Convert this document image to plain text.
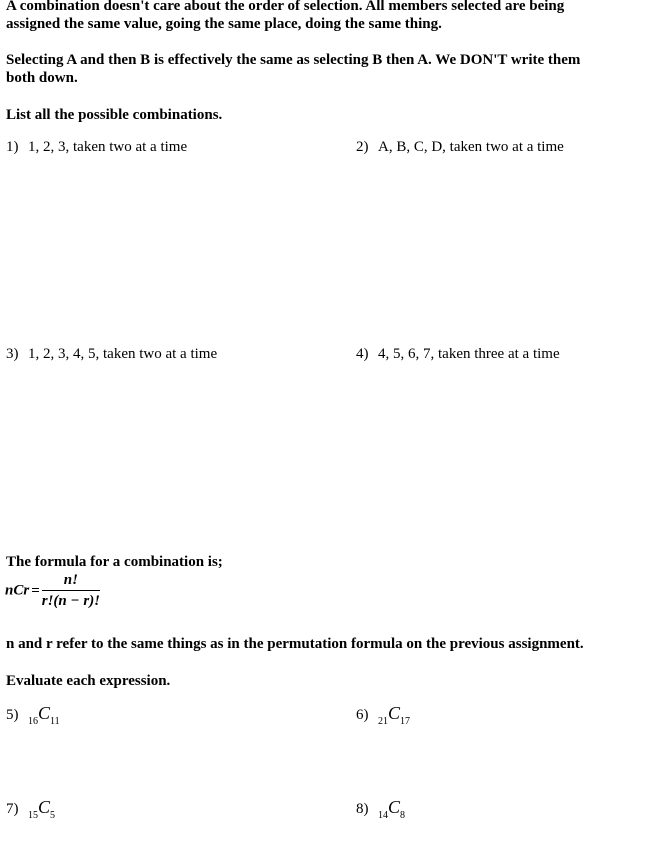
A combination doesn't care about the order of selection. All members selected are being
assigned the same value, going the same place, doing the same thing.
Selecting A and then B is effectively the same as selecting B then A. We DON'T write them
both down.
List all the possible combinations.
1) 1, 2, 3, taken two at a time	2) A, B, C, D, taken two at a time
3) 1, 2, 3, 4, 5, taken two at a time	4) 4, 5, 6, 7, taken three at a time
The formula for a combination is;
nCr = $\frac{n!}{r!(n - r)!}$
n and r refer to the same things as in the permutation formula on the previous assignment.
Evaluate each expression.
5) $_{16}C_{11}$	6) $_{21}C_{17}$
7) $_{15}C_5$	8) $_{14}C_8$
